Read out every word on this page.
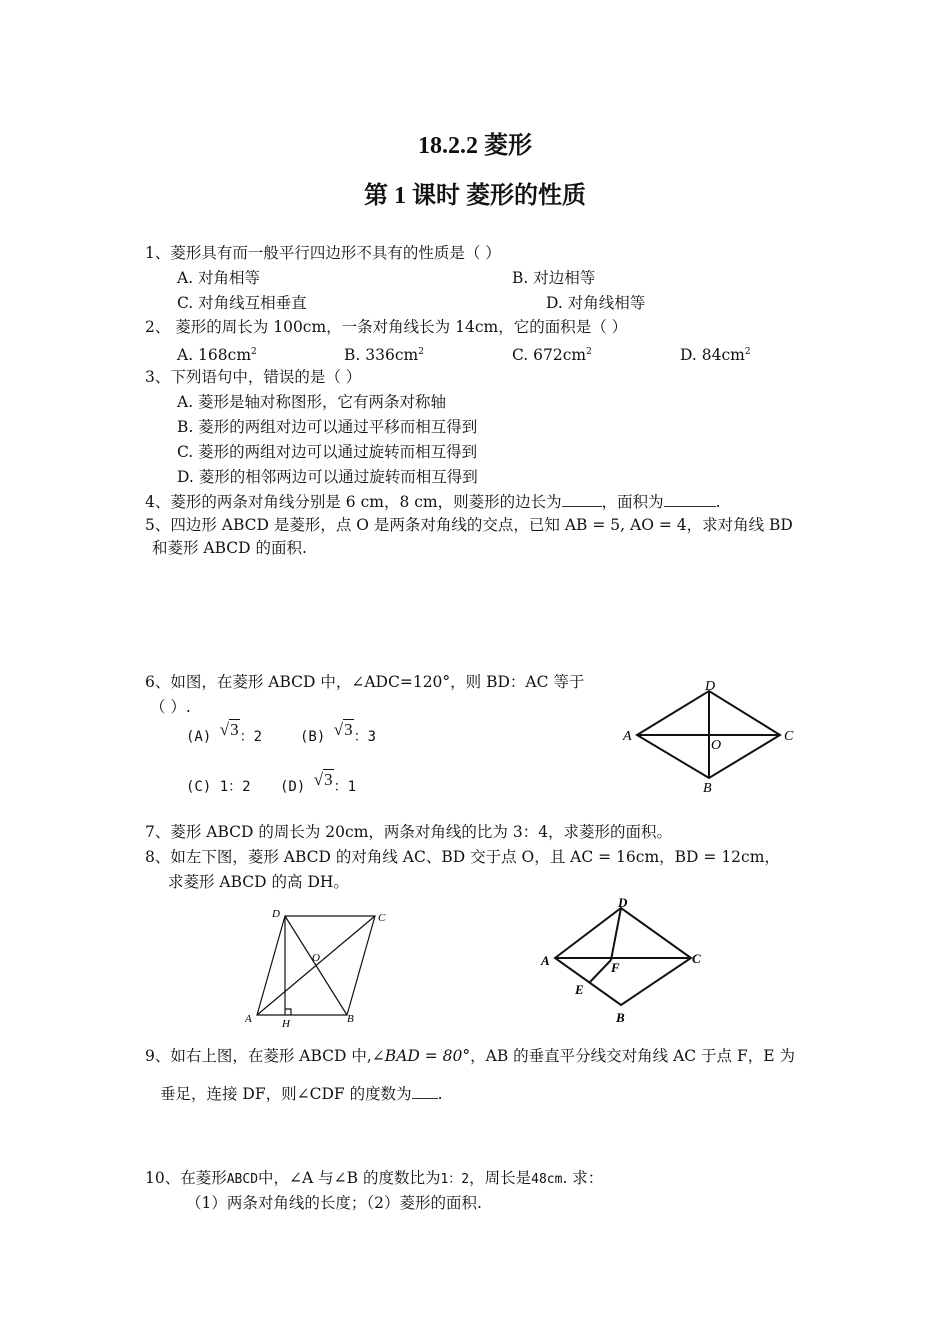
18.2.2 菱形
第 1 课时 菱形的性质
1、菱形具有而一般平行四边形不具有的性质是（ ）
A. 对角相等	B. 对边相等
C. 对角线互相垂直	D. 对角线相等
2、 菱形的周长为 100cm，一条对角线长为 14cm，它的面积是（ ）
A. $168cm^2$	B. $336cm^2$	C. $672cm^2$	D. $84cm^2$
3、下列语句中，错误的是（ ）
A. 菱形是轴对称图形，它有两条对称轴
B. 菱形的两组对边可以通过平移而相互得到
C. 菱形的两组对边可以通过旋转而相互得到
D. 菱形的相邻两边可以通过旋转而相互得到
4、菱形的两条对角线分别是 6 cm，8 cm，则菱形的边长为	，面积为	.
5、四边形 ABCD 是菱形，点 O 是两条对角线的交点，已知 AB = 5, AO = 4，求对角线 BD
和菱形 ABCD 的面积.
6、如图，在菱形 ABCD 中，∠ADC=120°，则 BD：AC 等于
（ ）.
(A) √3：2	(B) √3：3
(C) 1：2 (D) √3：1
D
A	C
B
O
7、菱形 ABCD 的周长为 20cm，两条对角线的比为 3：4，求菱形的面积。
8、如左下图，菱形 ABCD 的对角线 AC、BD 交于点 O，且 AC = 16cm，BD = 12cm，
求菱形 ABCD 的高 DH。
D	C
O
A	H	B
D
A	C
F
E
B
9、如右上图，在菱形 ABCD 中,∠BAD = 80°，AB 的垂直平分线交对角线 AC 于点 F，E 为
垂足，连接 DF，则∠CDF 的度数为 .
10、在菱形ABCD中，∠A 与∠B 的度数比为1：2，周长是48cm. 求：
（1）两条对角线的长度；（2）菱形的面积.
